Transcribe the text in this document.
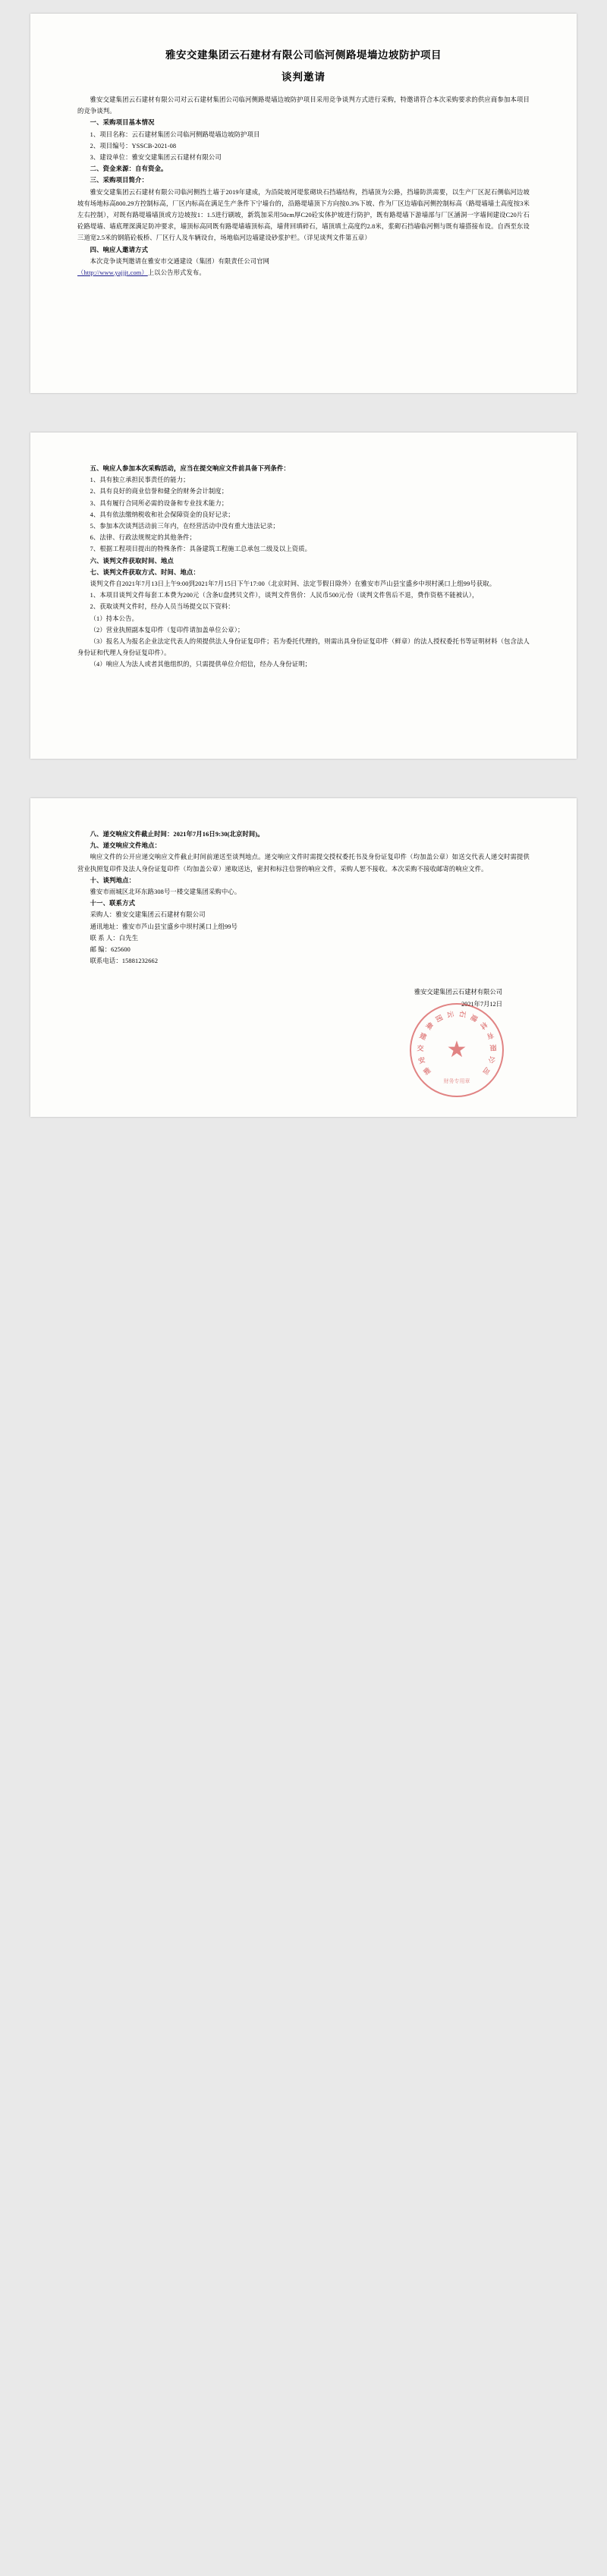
雅安交建集团云石建材有限公司临河侧路堤墙边坡防护项目
谈判邀请

雅安交建集团云石建材有限公司对云石建材集团公司临河侧路堤墙边坡防护项目采用竞争谈判方式进行采购，特邀请符合本次采购要求的供应商参加本项目的竞争谈判。

一、采购项目基本情况

1、项目名称：云石建材集团公司临河侧路堤墙边坡防护项目

2、项目编号：YSSCB-2021-08

3、建设单位：雅安交建集团云石建材有限公司

二、资金来源：自有资金。

三、采购项目简介：

雅安交建集团云石建材有限公司临河侧挡土墙于2019年建成，为沿陡坡河堤浆砌块石挡墙结构，挡墙顶为公路，挡墙防洪需要，以生产厂区泥石侧临河边坡坡有场地标高800.29方控制标高，厂区内标高在满足生产条件下宁墙台的，沿路堤墙顶下方向按0.3%下坡、作为厂区边墙临河侧控制标高（路堤墙墙土高度按3米左右控制），对既有路堤墙墙顶或方边坡按1：1.5进行刷坡，新筑加采用50cm厚C20砼实体护坡进行防护，既有路堤墙下游墙部与厂区涵洞一字墙间建设C20片石砼路堤墙、墙底理深满足防冲要求，墙顶标高同既有路堤墙墙顶标高，墙背回填碎石，墙顶填土高度约2.8米，浆砌石挡墙临河侧与既有墙搭接布设。自西至东设三道宽2.5米的钢筋砼板桥、厂区行人及车辆设台，场地临河边墙建设砂浆护栏。（详见谈判文件第五章）

四、响应人邀请方式

本次竞争谈判邀请在雅安市交通建设（集团）有限责任公司官网

（http://www.yajjjt.com）上以公告形式发布。

五、响应人参加本次采购活动，应当在提交响应文件前具备下列条件：

1、具有独立承担民事责任的能力；

2、具有良好的商业信誉和健全的财务会计制度；

3、具有履行合同所必需的设备和专业技术能力；

4、具有依法缴纳税收和社会保障资金的良好记录；

5、参加本次谈判活动前三年内，在经营活动中没有重大违法记录；

6、法律、行政法规规定的其他条件；

7、根据工程项目提出的特殊条件：具备建筑工程施工总承包二级及以上资质。

六、谈判文件获取时间、地点

七、谈判文件获取方式、时间、地点：

谈判文件自2021年7月13日上午9:00到2021年7月15日下午17:00（北京时间、法定节假日除外）在雅安市芦山县宝盛乡中坝村溪口上组99号获取。

1、本项目谈判文件每套工本费为200元（含条U盘拷贝文件），谈判文件售价：人民币500元/份（谈判文件售后不退，费作资格不能被认），

2、获取谈判文件时，经办人员当场提交以下资料：

（1）持本公告。

（2）营业执照副本复印件（复印件请加盖单位公章）；

（3）报名人为报名企业法定代表人的须提供法人身份证复印件；若为委托代理的，则需出具身份证复印件（鲜章）的法人授权委托书等证明材料（包含法人身份证和代理人身份证复印件）。

（4）响应人为法人或者其他组织的，只需提供单位介绍信，经办人身份证明；

八、递交响应文件截止时间：2021年7月16日9:30(北京时间)。

九、递交响应文件地点：

响应文件的公开应递交响应文件截止时间前递送至谈判地点。递交响应文件时需提交授权委托书及身份证复印件（均加盖公章）如送交代表人递交时需提供营业执照复印件及法人身份证复印件（均加盖公章）递取送达，密封和标注信誉的响应文件，采购人恕不接收。本次采购不接收邮寄的响应文件。

十、谈判地点：

雅安市雨城区北环东路308号一楼交建集团采购中心。

十一、联系方式

采购人：雅安交建集团云石建材有限公司

通讯地址：雅安市芦山县宝盛乡中坝村溪口上组99号

联 系 人：白先生

邮 编：625600

联系电话：15881232662

雅安交建集团云石建材有限公司
2021年7月12日
★
雅
安
交
建
集
团 云 石 建
材
有
限
公
司
财务专用章
